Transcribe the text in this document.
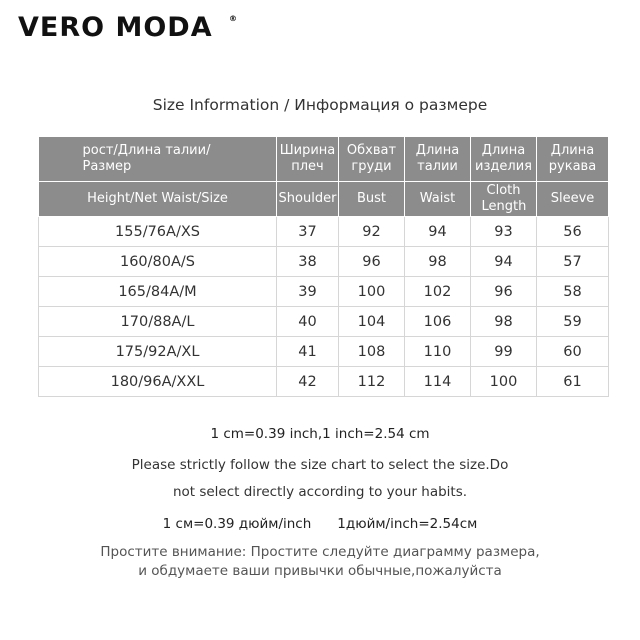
VERO MODA ®
Size Information / Информация о размере
рост/Длина талии/Размер	Ширина плеч	Обхват груди	Длина талии	Длина изделия	Длина рукава
Height/Net Waist/Size	Shoulder	Bust	Waist	Cloth Length	Sleeve
155/76A/XS	37	92	94	93	56
160/80A/S	38	96	98	94	57
165/84A/M	39	100	102	96	58
170/88A/L	40	104	106	98	59
175/92A/XL	41	108	110	99	60
180/96A/XXL	42	112	114	100	61
1 cm=0.39 inch,1 inch=2.54 cm
Please strictly follow the size chart to select the size.Do
not select directly according to your habits.
1 см=0.39 дюйм/inch 1дюйм/inch=2.54см
Простите внимание: Простите следуйте диаграмму размера,
и обдумаете ваши привычки обычные,пожалуйста
